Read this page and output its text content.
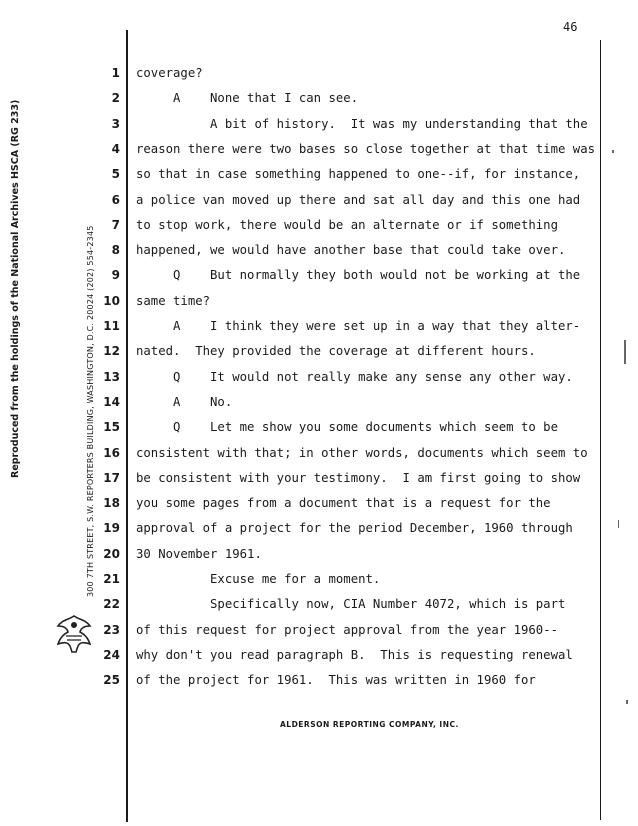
46
Reproduced from the holdings of the National Archives HSCA (RG 233)	300 7TH STREET, S.W. REPORTERS BUILDING, WASHINGTON, D.C. 20024 (202) 554-2345
1 coverage?
2 A    None that I can see.
3 A bit of history.  It was my understanding that the
4 reason there were two bases so close together at that time was
5 so that in case something happened to one--if, for instance,
6 a police van moved up there and sat all day and this one had
7 to stop work, there would be an alternate or if something
8 happened, we would have another base that could take over.
9 Q    But normally they both would not be working at the
10 same time?
11 A    I think they were set up in a way that they alter-
12 nated.  They provided the coverage at different hours.
13 Q    It would not really make any sense any other way.
14 A    No.
15 Q    Let me show you some documents which seem to be
16 consistent with that; in other words, documents which seem to
17 be consistent with your testimony.  I am first going to show
18 you some pages from a document that is a request for the
19 approval of a project for the period December, 1960 through
20 30 November 1961.
21 Excuse me for a moment.
22 Specifically now, CIA Number 4072, which is part
23 of this request for project approval from the year 1960--
24 why don't you read paragraph B.  This is requesting renewal
25 of the project for 1961.  This was written in 1960 for
ALDERSON REPORTING COMPANY, INC.
